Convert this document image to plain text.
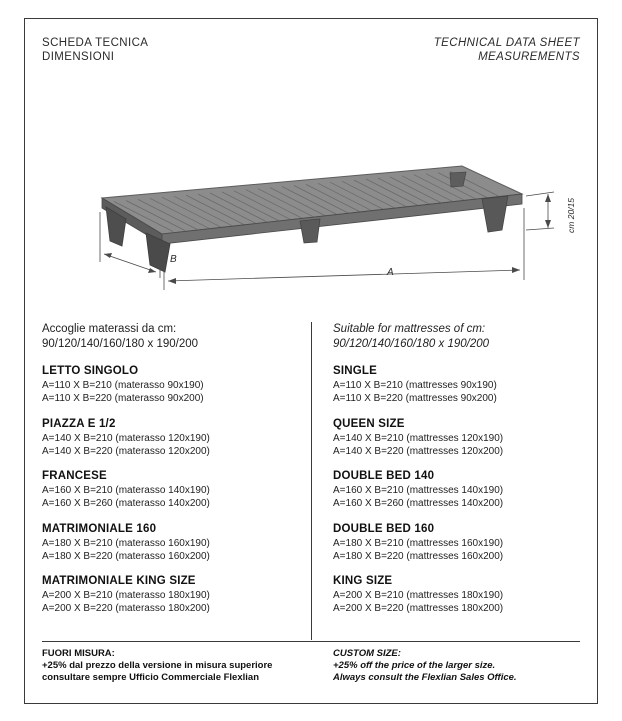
SCHEDA TECNICA
DIMENSIONI
TECHNICAL DATA SHEET
MEASUREMENTS
B
A
cm 20/15
Accoglie materassi da cm:
90/120/140/160/180 x 190/200
LETTO SINGOLO
A=110 X B=210 (materasso 90x190)
A=110 X B=220 (materasso 90x200)
PIAZZA E 1/2
A=140 X B=210 (materasso 120x190)
A=140 X B=220 (materasso 120x200)
FRANCESE
A=160 X B=210 (materasso 140x190)
A=160 X B=260 (materasso 140x200)
MATRIMONIALE 160
A=180 X B=210 (materasso 160x190)
A=180 X B=220 (materasso 160x200)
MATRIMONIALE KING SIZE
A=200 X B=210 (materasso 180x190)
A=200 X B=220 (materasso 180x200)
Suitable for mattresses of cm:
90/120/140/160/180 x 190/200
SINGLE
A=110 X B=210 (mattresses 90x190)
A=110 X B=220 (mattresses 90x200)
QUEEN SIZE
A=140 X B=210 (mattresses 120x190)
A=140 X B=220 (mattresses 120x200)
DOUBLE BED 140
A=160 X B=210 (mattresses 140x190)
A=160 X B=260 (mattresses 140x200)
DOUBLE BED 160
A=180 X B=210 (mattresses 160x190)
A=180 X B=220 (mattresses 160x200)
KING SIZE
A=200 X B=210 (mattresses 180x190)
A=200 X B=220 (mattresses 180x200)
FUORI MISURA:
+25% dal prezzo della versione in misura superiore
consultare sempre Ufficio Commerciale Flexlian
CUSTOM SIZE:
+25% off the price of the larger size.
Always consult the Flexlian Sales Office.
